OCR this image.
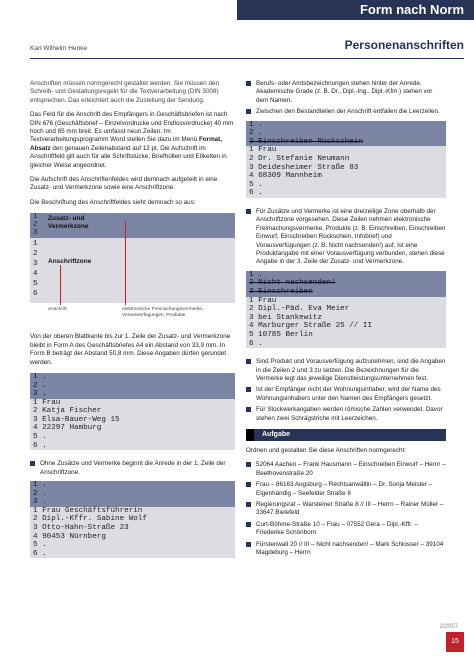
Form nach Norm
Karl Wilhelm Henke	Personenanschriften

Anschriften müssen normgerecht gestaltet werden. Sie müssen den Schreib- und Gestaltungsregeln für die Textverarbeitung (DIN 5008) entsprechen. Das erleichtert auch die Zustellung der Sendung.

Das Feld für die Anschrift des Empfängers in Geschäftsbriefen ist nach DIN 676 (Geschäftsbrief – Einzelvordrucke und Endlosvordrucke) 40 mm hoch und 85 mm breit. Es umfasst neun Zeilen. Im Textverarbeitungsprogramm Word stellen Sie dazu im Menü Format, Absatz den genauen Zeilenabstand auf 12 pt. Die Aufschrift im Anschriftfeld gilt auch für alle Schriftstücke, Briefhüllen und Etiketten in gleicher Weise angeordnet.

Die Aufschrift des Anschriftenfeldes wird demnach aufgeteilt in eine Zusatz- und Vermerkzone sowie eine Anschriftzone.

Die Beschriftung des Anschriftfeldes sieht demnach so aus:

1
2
3
1
2
3
4
5
6
Zusatz- und Vermerkzone
Anschriftzone
Anschrift	elektronische Freimachungsvermerke, Vorausverfügungen, Produkte

Von der oberen Blattkante bis zur 1. Zeile der Zusatz- und Vermerkzone bleibt in Form A des Geschäftsbriefes A4 ein Abstand von 33,9 mm. In Form B beträgt der Abstand 50,8 mm. Diese Angaben dürfen gerundet werden.

1 .
2 .
3 .
1 Frau
2 Katja Fischer
3 Elsa-Bauer-Weg 15
4 22297 Hamburg
5 .
6 .
Ohne Zusätze und Vermerke beginnt die Anrede in der 1. Zeile der Anschriftzone.
1 .
2 .
3 .
1 Frau Geschäftsführerin
2 Dipl.-Kffr. Sabine Wolf
3 Otto-Hahn-Straße 23
4 90453 Nürnberg
5 .
6 .
Berufs- oder Amtsbezeichnungen stehen hinter der Anrede. Akademische Grade (z. B. Dr., Dipl.-Ing., Dipl.-Kfm.) stehen vor dem Namen.
Zwischen den Bestandteilen der Anschrift entfallen die Leerzeilen.
1 .
2 .
3 Einschreiben Rückschein
1 Frau
2 Dr. Stefanie Neumann
3 Deidesheimer Straße 83
4 68309 Mannheim
5 .
6 .
Für Zusätze und Vermerke ist eine dreizeilige Zone oberhalb der Anschriftzone vorgesehen. Diese Zeilen nehmen elektronische Freimachungsvermerke, Produkte (z. B. Einschreiben, Einschreiben Einwurf, Einschreiben Rückschein, Infobrief) und Vorausverfügungen (z. B. Nicht nachsenden!) auf. Ist eine Produktangabe mit einer Vorausverfügung verbunden, stehen diese Angabe in der 3. Zeile der Zusatz- und Vermerkzone.
1 .
2 Nicht nachsenden!
3 Einschreiben
1 Frau
2 Dipl.-Päd. Eva Meier
3 bei Stankewitz
4 Marburger Straße 25 // II
5 10785 Berlin
6 .
Sind Produkt und Vorausverfügung aufzunehmen, sind die Angaben in die Zeilen 2 und 3 zu setzen. Die Bezeichnungen für die Vermerke legt das jeweilige Dienstleistungsunternehmen fest.
Ist der Empfänger nicht der Wohnungsinhaber, wird der Name des Wohnungsinhabers unter den Namen des Empfängers gesetzt.
Für Stockwerkangaben werden römische Zahlen verwendet. Davor stehen zwei Schrägstriche mit Leerzeichen.
Aufgabe

Ordnen und gestalten Sie diese Anschriften normgerecht:

52064 Aachen – Frank Hausmann – Einschreiben Einwurf – Herrn – Beethovenstraße 20
Frau – 86163 Augsburg – Rechtsanwältin – Dr. Sonja Meister – Eigenhändig – Seefelder Straße 8
Regierungsrat – Warsteiner Straße 8 // III – Herrn – Rainer Müller – 33647 Bielefeld
Curt-Böhme-Straße 10 – Frau – 07552 Gera – Dipl.-Kffr. – Friederike Schönborn
Fürstenwall 20 // III – Nicht nachsenden! – Mark Schlosser – 39104 Magdeburg – Herrn
2/2007
15
